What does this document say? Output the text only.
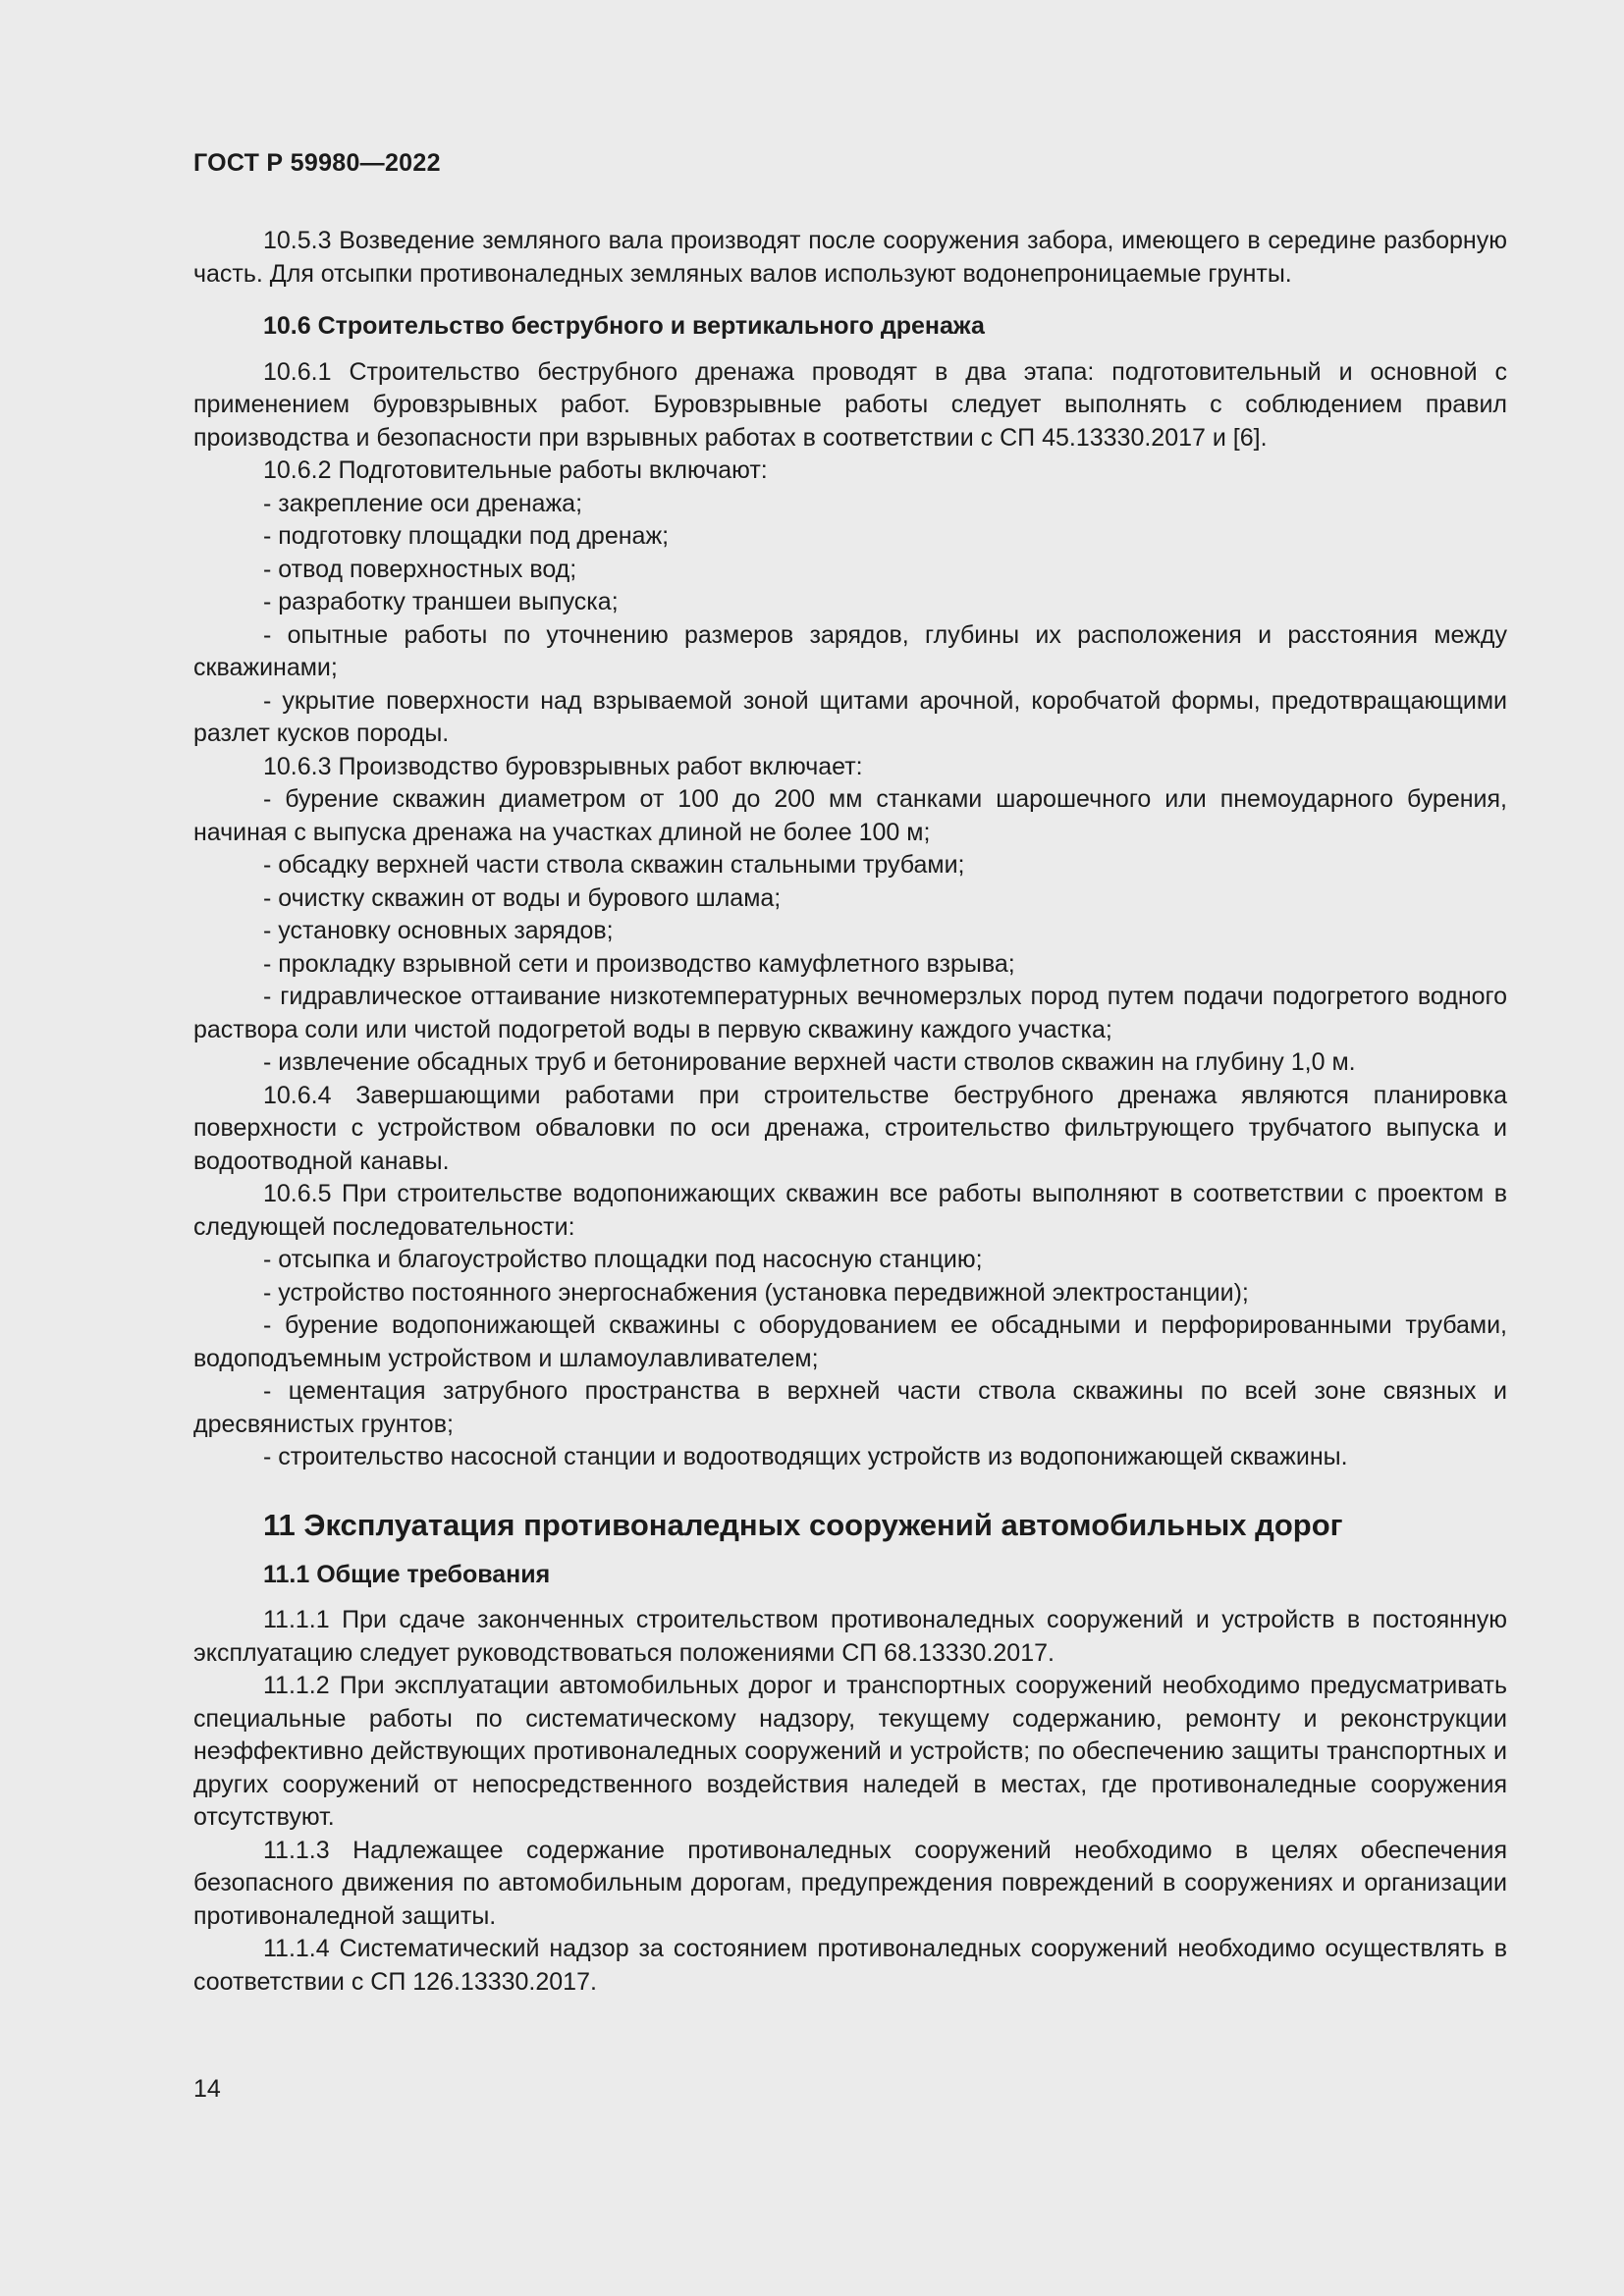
ГОСТ Р 59980—2022
10.5.3 Возведение земляного вала производят после сооружения забора, имеющего в середине разборную часть. Для отсыпки противоналедных земляных валов используют водонепроницаемые грунты.
10.6 Строительство беструбного и вертикального дренажа
10.6.1 Строительство беструбного дренажа проводят в два этапа: подготовительный и основной с применением буровзрывных работ. Буровзрывные работы следует выполнять с соблюдением правил производства и безопасности при взрывных работах в соответствии с СП 45.13330.2017 и [6].
10.6.2 Подготовительные работы включают:
- закрепление оси дренажа;
- подготовку площадки под дренаж;
- отвод поверхностных вод;
- разработку траншеи выпуска;
- опытные работы по уточнению размеров зарядов, глубины их расположения и расстояния между скважинами;
- укрытие поверхности над взрываемой зоной щитами арочной, коробчатой формы, предотвращающими разлет кусков породы.
10.6.3 Производство буровзрывных работ включает:
- бурение скважин диаметром от 100 до 200 мм станками шарошечного или пнемоударного бурения, начиная с выпуска дренажа на участках длиной не более 100 м;
- обсадку верхней части ствола скважин стальными трубами;
- очистку скважин от воды и бурового шлама;
- установку основных зарядов;
- прокладку взрывной сети и производство камуфлетного взрыва;
- гидравлическое оттаивание низкотемпературных вечномерзлых пород путем подачи подогретого водного раствора соли или чистой подогретой воды в первую скважину каждого участка;
- извлечение обсадных труб и бетонирование верхней части стволов скважин на глубину 1,0 м.
10.6.4 Завершающими работами при строительстве беструбного дренажа являются планировка поверхности с устройством обваловки по оси дренажа, строительство фильтрующего трубчатого выпуска и водоотводной канавы.
10.6.5 При строительстве водопонижающих скважин все работы выполняют в соответствии с проектом в следующей последовательности:
- отсыпка и благоустройство площадки под насосную станцию;
- устройство постоянного энергоснабжения (установка передвижной электростанции);
- бурение водопонижающей скважины с оборудованием ее обсадными и перфорированными трубами, водоподъемным устройством и шламоулавливателем;
- цементация затрубного пространства в верхней части ствола скважины по всей зоне связных и дресвянистых грунтов;
- строительство насосной станции и водоотводящих устройств из водопонижающей скважины.
11 Эксплуатация противоналедных сооружений автомобильных дорог
11.1 Общие требования
11.1.1 При сдаче законченных строительством противоналедных сооружений и устройств в постоянную эксплуатацию следует руководствоваться положениями СП 68.13330.2017.
11.1.2 При эксплуатации автомобильных дорог и транспортных сооружений необходимо предусматривать специальные работы по систематическому надзору, текущему содержанию, ремонту и реконструкции неэффективно действующих противоналедных сооружений и устройств; по обеспечению защиты транспортных и других сооружений от непосредственного воздействия наледей в местах, где противоналедные сооружения отсутствуют.
11.1.3 Надлежащее содержание противоналедных сооружений необходимо в целях обеспечения безопасного движения по автомобильным дорогам, предупреждения повреждений в сооружениях и организации противоналедной защиты.
11.1.4 Систематический надзор за состоянием противоналедных сооружений необходимо осуществлять в соответствии с СП 126.13330.2017.
14
